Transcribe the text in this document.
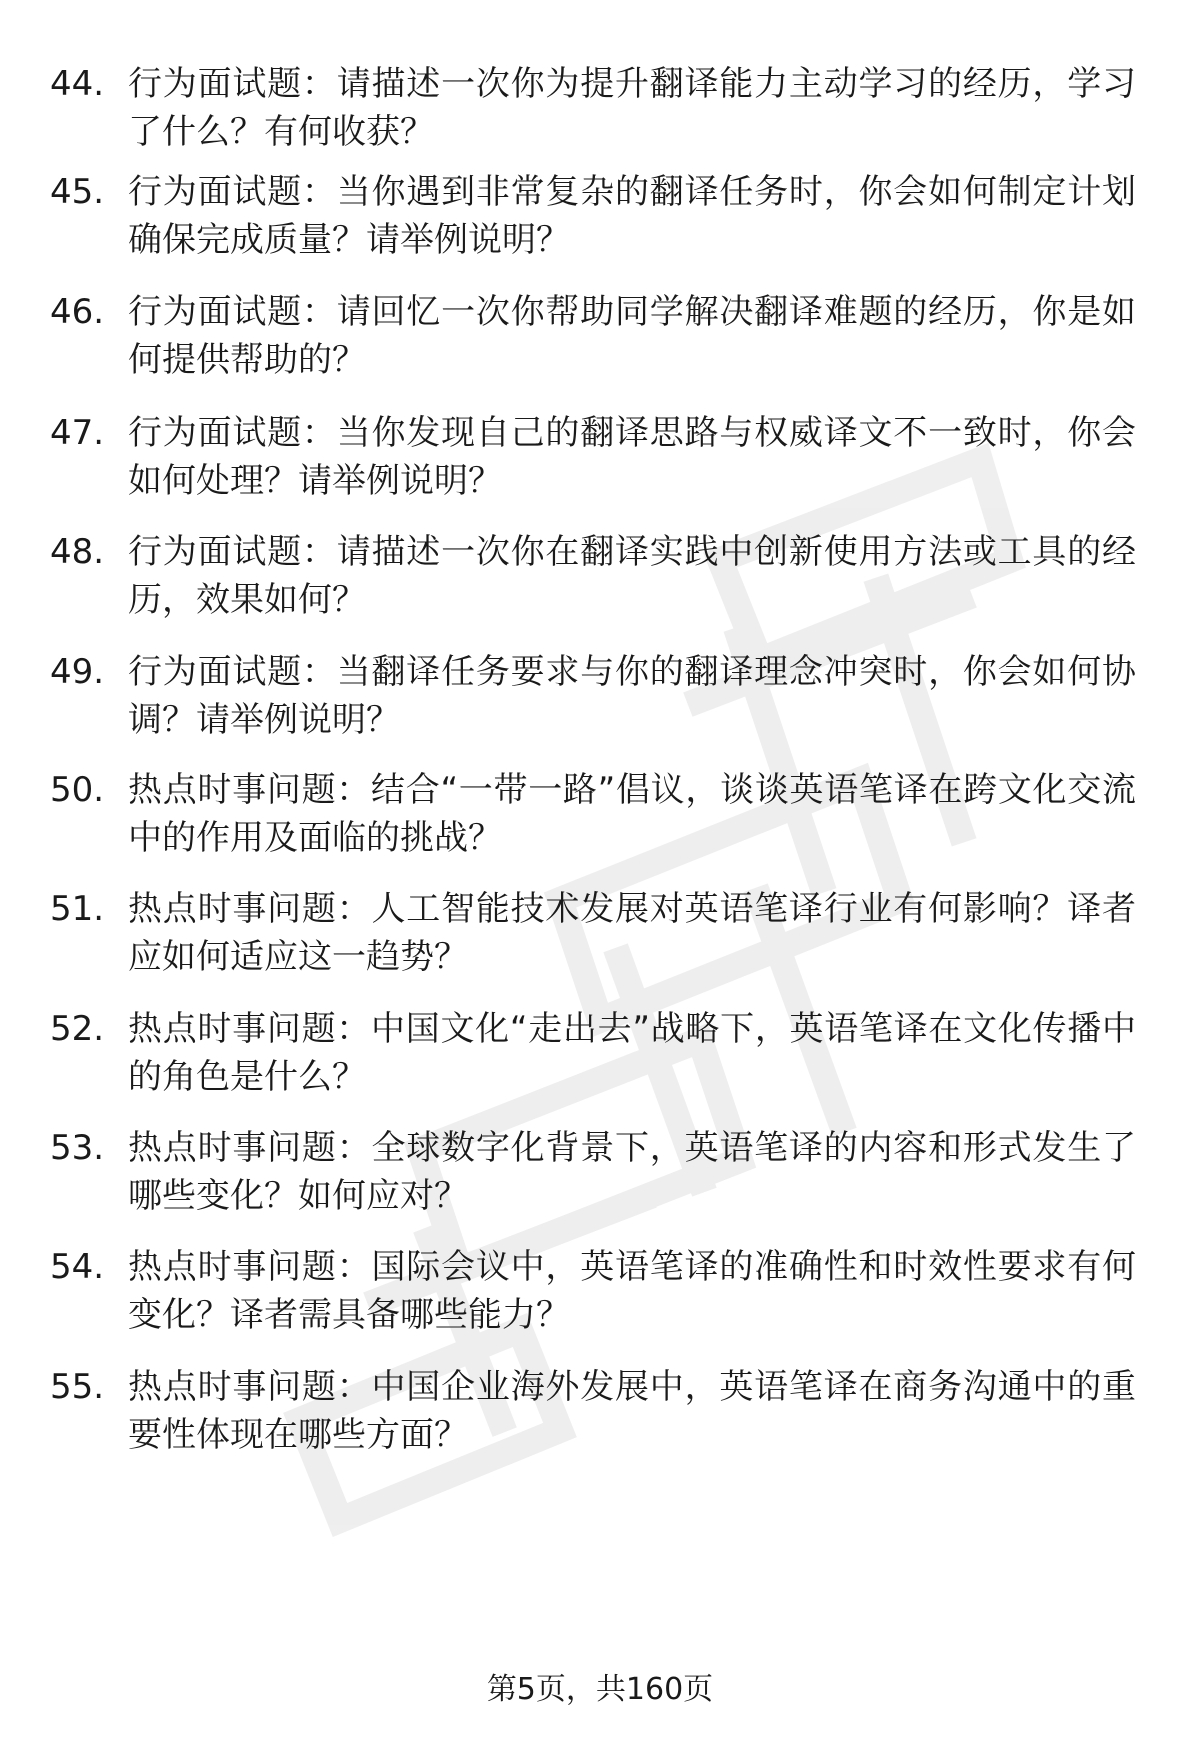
44. 行为面试题：请描述一次你为提升翻译能力主动学习的经历，学习了什么？有何收获？
45. 行为面试题：当你遇到非常复杂的翻译任务时，你会如何制定计划确保完成质量？请举例说明？
46. 行为面试题：请回忆一次你帮助同学解决翻译难题的经历，你是如何提供帮助的？
47. 行为面试题：当你发现自己的翻译思路与权威译文不一致时，你会如何处理？请举例说明？
48. 行为面试题：请描述一次你在翻译实践中创新使用方法或工具的经历，效果如何？
49. 行为面试题：当翻译任务要求与你的翻译理念冲突时，你会如何协调？请举例说明？
50. 热点时事问题：结合“一带一路”倡议，谈谈英语笔译在跨文化交流中的作用及面临的挑战？
51. 热点时事问题：人工智能技术发展对英语笔译行业有何影响？译者应如何适应这一趋势？
52. 热点时事问题：中国文化“走出去”战略下，英语笔译在文化传播中的角色是什么？
53. 热点时事问题：全球数字化背景下，英语笔译的内容和形式发生了哪些变化？如何应对？
54. 热点时事问题：国际会议中，英语笔译的准确性和时效性要求有何变化？译者需具备哪些能力？
55. 热点时事问题：中国企业海外发展中，英语笔译在商务沟通中的重要性体现在哪些方面？
第5页，共160页
